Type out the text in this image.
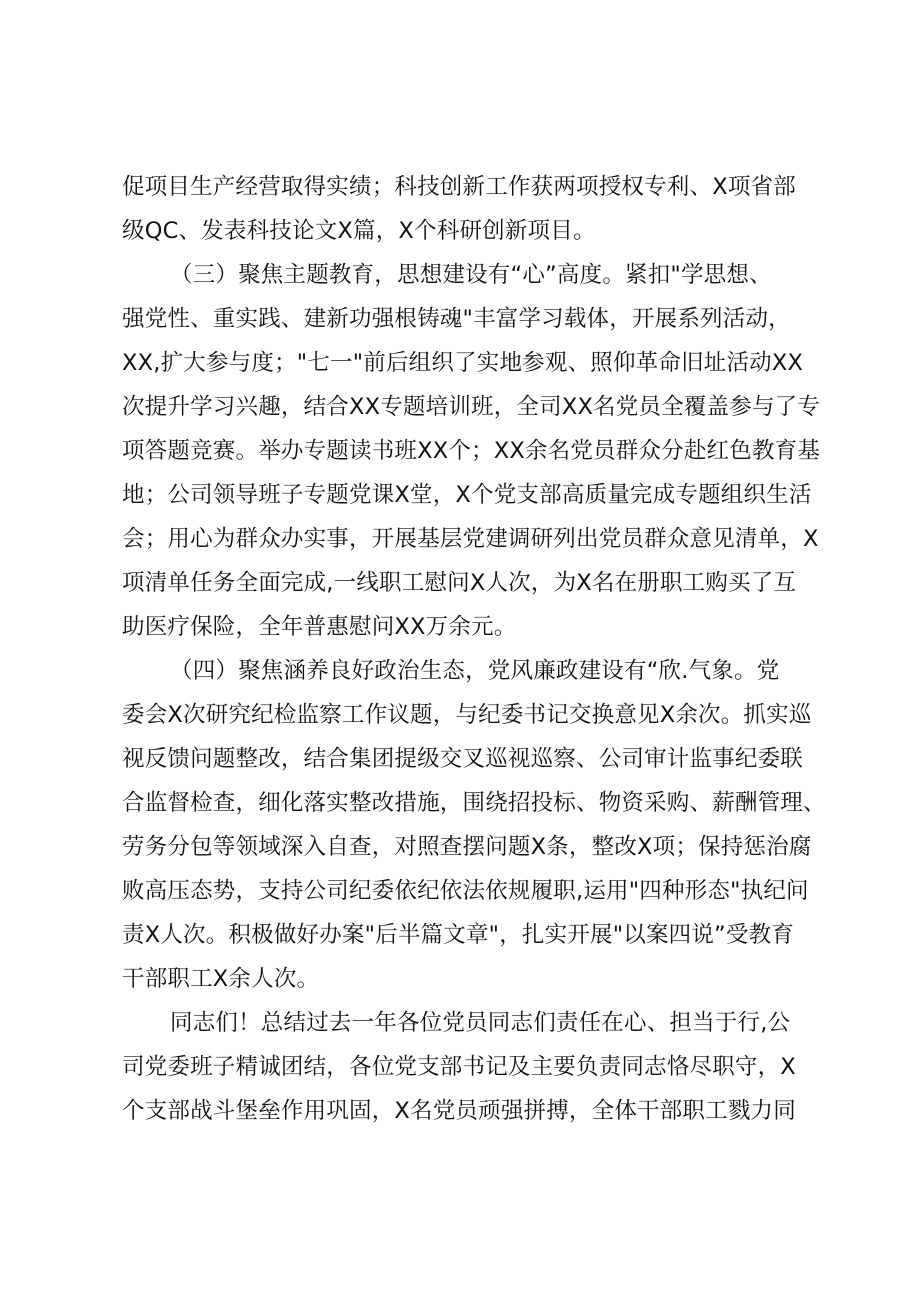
促项目生产经营取得实绩；科技创新工作获两项授权专利、X项省部
级QC、发表科技论文X篇，X个科研创新项目。
（三）聚焦主题教育，思想建设有“心”高度。紧扣"学思想、
强党性、重实践、建新功强根铸魂"丰富学习载体，开展系列活动，
XX,扩大参与度；"七一"前后组织了实地参观、照仰革命旧址活动XX
次提升学习兴趣，结合XX专题培训班，全司XX名党员全覆盖参与了专
项答题竞赛。举办专题读书班XX个；XX余名党员群众分赴红色教育基
地；公司领导班子专题党课X堂，X个党支部高质量完成专题组织生活
会；用心为群众办实事，开展基层党建调研列出党员群众意见清单，X
项清单任务全面完成,一线职工慰问X人次，为X名在册职工购买了互
助医疗保险，全年普惠慰问XX万余元。
（四）聚焦涵养良好政治生态，党风廉政建设有“欣.气象。党
委会X次研究纪检监察工作议题，与纪委书记交换意见X余次。抓实巡
视反馈问题整改，结合集团提级交叉巡视巡察、公司审计监事纪委联
合监督检查，细化落实整改措施，围绕招投标、物资采购、薪酬管理、
劳务分包等领域深入自查，对照查摆问题X条，整改X项；保持惩治腐
败高压态势，支持公司纪委依纪依法依规履职,运用"四种形态"执纪问
责X人次。积极做好办案"后半篇文章"，扎实开展"以案四说”受教育
干部职工X余人次。
同志们！总结过去一年各位党员同志们责任在心、担当于行,公
司党委班子精诚团结，各位党支部书记及主要负责同志恪尽职守，X
个支部战斗堡垒作用巩固，X名党员顽强拼搏，全体干部职工戮力同
